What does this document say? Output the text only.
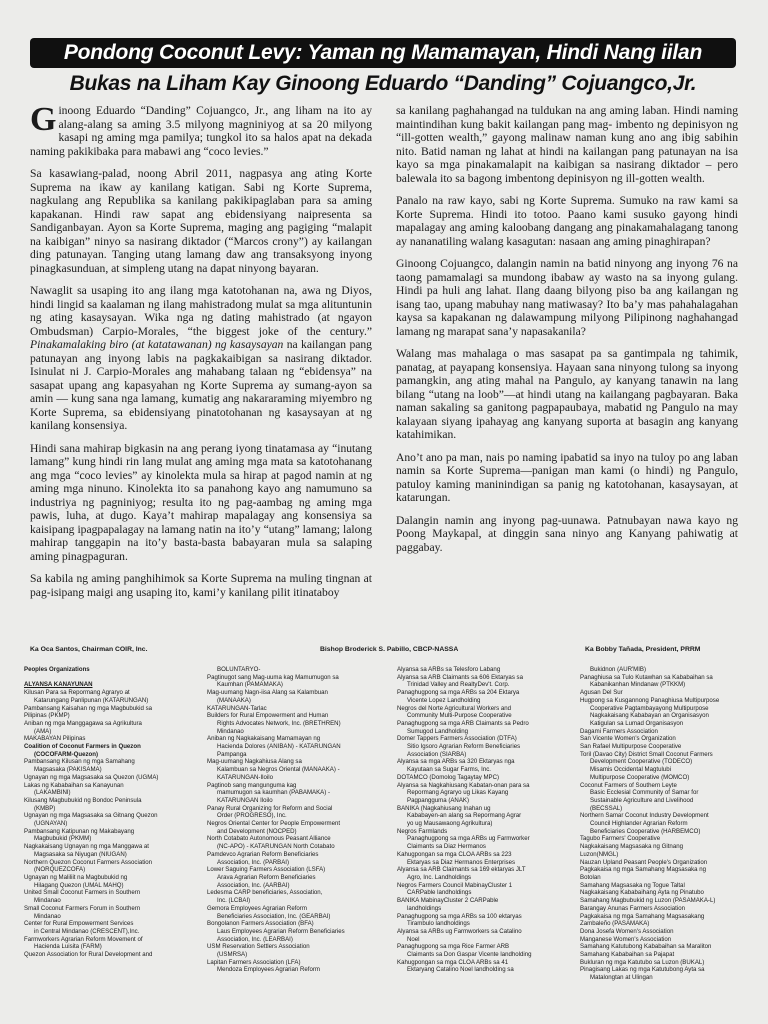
Pondong Coconut Levy: Yaman ng Mamamayan, Hindi Nang iilan
Bukas na Liham Kay Ginoong Eduardo “Danding” Cojuangco,Jr.

Ginoong Eduardo “Danding” Cojuangco, Jr., ang liham na ito ay alang-alang sa aming 3.5 milyong magniniyog at sa 20 milyong kasapi ng aming mga pamilya; tungkol ito sa halos apat na dekada naming pakikibaka para mabawi ang “coco levies.”

Sa kasawiang-palad, noong Abril 2011, nagpasya ang ating Korte Suprema na ikaw ay kanilang katigan. Sabi ng Korte Suprema, nagkulang ang Republika sa kanilang pakikipaglaban para sa aming kapakanan. Hindi raw sapat ang ebidensiyang naipresenta sa Sandiganbayan. Ayon sa Korte Suprema, maging ang pagiging “malapit na kaibigan” ninyo sa nasirang diktador (“Marcos crony”) ay kailangan ding patunayan. Tanging utang lamang daw ang transaksyong inyong pinagkasunduan, at simpleng utang na dapat ninyong bayaran.

Nawaglit sa usaping ito ang ilang mga katotohanan na, awa ng Diyos, hindi lingid sa kaalaman ng ilang mahistradong mulat sa mga alituntunin ng ating kasaysayan. Wika nga ng dating mahistrado (at ngayon Ombudsman) Carpio-Morales, “the biggest joke of the century.” Pinakamalaking biro (at katatawanan) ng kasaysayan na kailangan pang patunayan ang inyong labis na pagkakaibigan sa nasirang diktador. Isinulat ni J. Carpio-Morales ang mahabang talaan ng “ebidensya” na sasapat upang ang kapasyahan ng Korte Suprema ay sumang-ayon sa amin — kung sana nga lamang, kumatig ang nakararaming miyembro ng Korte Suprema, sa ebidensiyang pinatotohanan ng kasaysayan at ng kanilang konsensiya.

Hindi sana mahirap bigkasin na ang perang iyong tinatamasa ay “inutang lamang” kung hindi rin lang mulat ang aming mga mata sa katotohanang ang mga “coco levies” ay kinolekta mula sa hirap at pagod namin at ng aming mga ninuno. Kinolekta ito sa panahong kayo ang namumuno sa industriya ng pagniniyog; resulta ito ng pag-aambag ng aming mga pawis, luha, at dugo. Kaya’t mahirap mapalagay ang konsensiya sa kaisipang ipagpapalagay na lamang natin na ito’y “utang” lamang; lalong mahirap tanggapin na ito’y basta-basta babayaran mula sa salaping aming pinagpaguran.

Sa kabila ng aming panghihimok sa Korte Suprema na muling tingnan at pag-isipang maigi ang usaping ito, kami’y kanilang pilit itinataboy

sa kanilang paghahangad na tuldukan na ang aming laban. Hindi naming maintindihan kung bakit kailangan pang mag- imbento ng depinisyon ng “ill-gotten wealth,” gayong malinaw naman kung ano ang ibig sabihin nito. Batid naman ng lahat at hindi na kailangan pang patunayan na isa kayo sa mga pinakamalapit na kaibigan sa nasirang diktador – pero balewala ito sa bagong imbentong depinisyon ng ill-gotten wealth.

Panalo na raw kayo, sabi ng Korte Suprema. Sumuko na raw kami sa Korte Suprema. Hindi ito totoo. Paano kami susuko gayong hindi mapalagay ang aming kaloobang dangang ang pinakamahalagang tanong ay nananatiling walang kasagutan: nasaan ang aming pinaghirapan?

Ginoong Cojuangco, dalangin namin na batid ninyong ang inyong 76 na taong pamamalagi sa mundong ibabaw ay wasto na sa inyong gulang. Hindi pa huli ang lahat. Ilang daang bilyong piso ba ang kailangan ng isang tao, upang mabuhay nang matiwasay? Ito ba’y mas pahahalagahan kaysa sa kapakanan ng dalawampung milyong Pilipinong naghahangad lamang ng marapat sana’y napasakanila?

Walang mas mahalaga o mas sasapat pa sa gantimpala ng tahimik, panatag, at payapang konsensiya. Hayaan sana ninyong tulong sa inyong pamangkin, ang ating mahal na Pangulo, ay kanyang tanawin na lang bilang “utang na loob”—at hindi utang na kailangang pagbayaran. Baka naman sakaling sa ganitong pagpapaubaya, mabatid ng Pangulo na may kalayaan siyang ipahayag ang kanyang suporta at basagin ang kanyang katahimikan.

Ano’t ano pa man, nais po naming ipabatid sa inyo na tuloy po ang laban namin sa Korte Suprema—panigan man kami (o hindi) ng Pangulo, patuloy kaming maninindigan sa panig ng katotohanan, kasaysayan, at katarungan.

Dalangin namin ang inyong pag-uunawa. Patnubayan nawa kayo ng Poong Maykapal, at dinggin sana ninyo ang Kanyang pahiwatig at paggabay.

Ka Oca Santos, Chairman COIR, Inc.	Bishop Broderick S. Pabillo, CBCP-NASSA	Ka Bobby Tañada, President, PRRM
Peoples Organizations

ALYANSA KANAYUNAN
Kilusan Para sa Repormang Agraryo at
Katarungang Panlipunan (KATARUNGAN)
Pambansang Kaisahan ng mga Magbubukid sa
Pilipinas (PKMP)
Aniban ng mga Manggagawa sa Agrikultura
(AMA)
MAKABAYAN Pilipinas
Coalition of Coconut Farmers in Quezon
(COCOFARM-Quezon)
Pambansang Kilusan ng mga Samahang
Magsasaka (PAKISAMA)
Ugnayan ng mga Magsasaka sa Quezon (UGMA)
Lakas ng Kababaihan sa Kanayunan
(LAKAMBINI)
Kilusang Magbubukid ng Bondoc Peninsula
(KMBP)
Ugnayan ng mga Magsasaka sa Gitnang Quezon
(UGNAYAN)
Pambansang Katipunan ng Makabayang
Magbubukid (PKMM)
Nagkakaisang Ugnayan ng mga Manggawa at
Magsasaka sa Niyugan (NIUGAN)
Northern Quezon Coconut Farmers Association
(NORQUEZCOFA)
Ugnayan ng Maliliit na Magbubukid ng
Hilagang Quezon (UMAL MAHQ)
United Small Coconut Farmers in Southern
Mindanao
Small Coconut Farmers Forum in Southern
Mindanao
Center for Rural Empowerment Services
in Central Mindanao (CRESCENT),Inc.
Farmworkers Agrarian Reform Movement of
Hacienda Luisita (FARM)
Quezon Association for Rural Development and
BOLUNTARYO-
Pagtinugot sang Mag-uuma kag Mamumugon sa
Kaumhan (PAMAMAKA)
Mag-uumang Nagn-iisa Alang sa Kalambuan
(MANAAKA)
KATARUNGAN-Tarlac
Builders for Rural Empowerment and Human
Rights Advocates Network, Inc. (BRETHREN)
Mindanao
Aniban ng Nagkakaisang Mamamayan ng
Hacienda Dolores (ANIBAN) - KATARUNGAN
Pampanga
Mag-uumang Nagkahiusa Alang sa
Kalambuan sa Negros Oriental (MANAAKA) -
KATARUNGAN-Iloilo
Pagtinob sang mangunguma kag
mamumugon sa kaumhan (PABAMAKA) -
KATARUNGAN Iloilo
Panay Rural Organizing for Reform and Social
Order (PROGRESO), Inc.
Negros Oriental Center for People Empowerment
and Development (NOCPED)
North Cotabato Autonomous Peasant Alliance
(NC-APO) - KATARUNGAN North Cotabato
Pamdevco Agrarian Reform Beneficiaries
Association, Inc. (PARBAI)
Lower Saguing Farmers Association (LSFA)
Arava Agrarian Reform Beneficiaries
Association, Inc. (AARBAI)
Ledesma CARP beneficiaries, Association,
Inc. (LCBAI)
Gemora Employees Agrarian Reform
Beneficiaries Association, Inc. (GEARBAI)
Bongolanon Farmers Association (BFA)
Laus Employees Agrarian Reform Beneficiaries
Association, Inc. (LEARBAI)
USM Reservation Settlers Association
(USMRSA)
Lapitan Farmers Association (LFA)
Mendoza Employees Agrarian Reform
Alyansa sa ARBs sa Telesforo Labang
Alyansa sa ARB Claimants sa 606 Ektaryas sa
Trinidad Valley and RealtyDev't. Corp.
Panaghugpong sa mga ARBs sa 204 Ektarya
Vicente Lopez Landholding
Negros del Norte Agricultural Workers and
Community Multi-Purpose Cooperative
Panaghugpong sa mga ARB Claimants sa Pedro
Sumugod Landholding
Domer Tappers Farmers Association (DTFA)
Sitio Igsoro Agrarian Reform Beneficiaries
Association (SIARBA)
Alyansa sa mga ARBs sa 320 Ektaryas nga
Kayutaan sa Sugar Farms, Inc.
DOTAMCO (Domolog Tagaytay MPC)
Alyansa sa Nagkahiusang Kabatan-onan para sa
Repormang Agraryo ug Likas Kayang
Pagpangguma (ANAK)
BANIKA (Nagkahiusang Inahan ug
Kababayen-an alang sa Repormang Agrar
yo ug Mausawaong Agrikultura)
Negros Farmlands
Panaghugpong sa mga ARBs ug Farmworker
Claimants sa Diaz Hermanos
Kahugpongan sa mga CLOA ARBs sa 223
Ektaryas sa Diaz Hermanos Enterprises
Alyansa sa ARB Claimants sa 169 ektaryas JLT
Agro, Inc. Landholdings
Negros Farmers Council MabinayCluster 1
CARPable landholdings
BANIKA MabinayCluster 2 CARPable
landholdings
Panaghugpong sa mga ARBs sa 100 ektaryas
Tirambulo landholdings
Alyansa sa ARBs ug Farmworkers sa Catalino
Noel
Panaghugpong sa mga Rice Farmer ARB
Claimants sa Don Gaspar Vicente landholding
Kahugpongan sa mga CLOA ARBs sa 41
Ektaryang Catalino Noel landholding sa
Bukidnon (AUR'MIB)
Panaghiusa sa Tulo Kutawhan sa Kababaihan sa
Kabanikanhan Mindanaw (PTKKM)
Agusan Del Sur
Hugpong sa Kusgannong Panaghiusa Multipurpose
Cooperative Pagtambayayong Multipurpose
Nagkakaisang Kababayan an Organisasyon
Katigulan sa Lumad Organisasyon
Dagami Farmers Association
San Vicente Women's Organization
San Rafael Multipurpose Cooperative
Toril (Davao City) District Small Coconut Farmers
Development Cooperative (TODECO)
Misamis Occidental Magtulubi
Multipurpose Cooperative (MOMCO)
Coconut Farmers of Southern Leyte
Basic Ecclesial Community of Samar for
Sustainable Agriculture and Livelihood
(BECSSAL)
Northern Samar Coconut Industry Development
Council Highlander Agrarian Reform
Beneficiaries Cooperative (HARBEMCO)
Tagubo Farmers' Cooperative
Nagkakaisang Magsasaka ng Gitnang
Luzon(NMGL)
Nauzan Upland Peasant People's Organization
Pagkakaisa ng mga Samahang Magsasaka ng
Botolan
Samahang Magsasaka ng Togue Taltal
Nagkakaisang Kababaihang Ayta ng Pinatubo
Samahang Magbubukid ng Luzon (PASAMAKA-L)
Barangay Anunas Farmers Association
Pagkakaisa ng mga Samahang Magsasakang
Zambaleño (PASAMAKA)
Dona Josefa Women's Association
Manganese Women's Association
Samahang Katutubong Kababaihan sa Maraliton
Samahang Kababaihan sa Pajapat
Bukluran ng mga Katutubo sa Luzon (BUKAL)
Pinagisang Lakas ng mga Katutubong Ayta sa
Matalongtan at Ulingan
